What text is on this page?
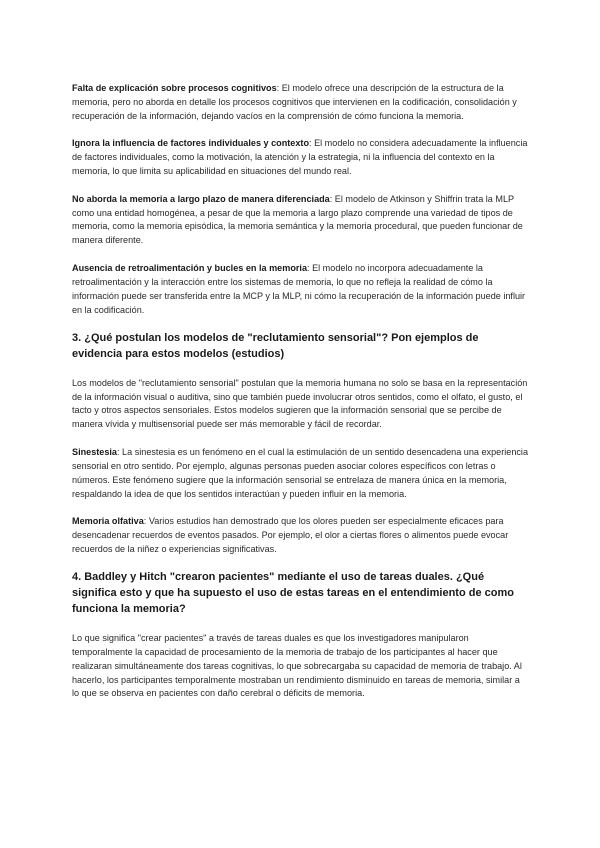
Falta de explicación sobre procesos cognitivos: El modelo ofrece una descripción de la estructura de la memoria, pero no aborda en detalle los procesos cognitivos que intervienen en la codificación, consolidación y recuperación de la información, dejando vacíos en la comprensión de cómo funciona la memoria.

Ignora la influencia de factores individuales y contexto: El modelo no considera adecuadamente la influencia de factores individuales, como la motivación, la atención y la estrategia, ni la influencia del contexto en la memoria, lo que limita su aplicabilidad en situaciones del mundo real.

No aborda la memoria a largo plazo de manera diferenciada: El modelo de Atkinson y Shiffrin trata la MLP como una entidad homogénea, a pesar de que la memoria a largo plazo comprende una variedad de tipos de memoria, como la memoria episódica, la memoria semántica y la memoria procedural, que pueden funcionar de manera diferente.

Ausencia de retroalimentación y bucles en la memoria: El modelo no incorpora adecuadamente la retroalimentación y la interacción entre los sistemas de memoria, lo que no refleja la realidad de cómo la información puede ser transferida entre la MCP y la MLP, ni cómo la recuperación de la información puede influir en la codificación.

3. ¿Qué postulan los modelos de "reclutamiento sensorial"? Pon ejemplos de evidencia para estos modelos (estudios)

Los modelos de "reclutamiento sensorial" postulan que la memoria humana no solo se basa en la representación de la información visual o auditiva, sino que también puede involucrar otros sentidos, como el olfato, el gusto, el tacto y otros aspectos sensoriales. Estos modelos sugieren que la información sensorial que se percibe de manera vívida y multisensorial puede ser más memorable y fácil de recordar.

Sinestesia: La sinestesia es un fenómeno en el cual la estimulación de un sentido desencadena una experiencia sensorial en otro sentido. Por ejemplo, algunas personas pueden asociar colores específicos con letras o números. Este fenómeno sugiere que la información sensorial se entrelaza de manera única en la memoria, respaldando la idea de que los sentidos interactúan y pueden influir en la memoria.

Memoria olfativa: Varios estudios han demostrado que los olores pueden ser especialmente eficaces para desencadenar recuerdos de eventos pasados. Por ejemplo, el olor a ciertas flores o alimentos puede evocar recuerdos de la niñez o experiencias significativas.

4. Baddley y Hitch "crearon pacientes" mediante el uso de tareas duales. ¿Qué significa esto y que ha supuesto el uso de estas tareas en el entendimiento de como funciona la memoria?

Lo que significa "crear pacientes" a través de tareas duales es que los investigadores manipularon temporalmente la capacidad de procesamiento de la memoria de trabajo de los participantes al hacer que realizaran simultáneamente dos tareas cognitivas, lo que sobrecargaba su capacidad de memoria de trabajo. Al hacerlo, los participantes temporalmente mostraban un rendimiento disminuido en tareas de memoria, similar a lo que se observa en pacientes con daño cerebral o déficits de memoria.
